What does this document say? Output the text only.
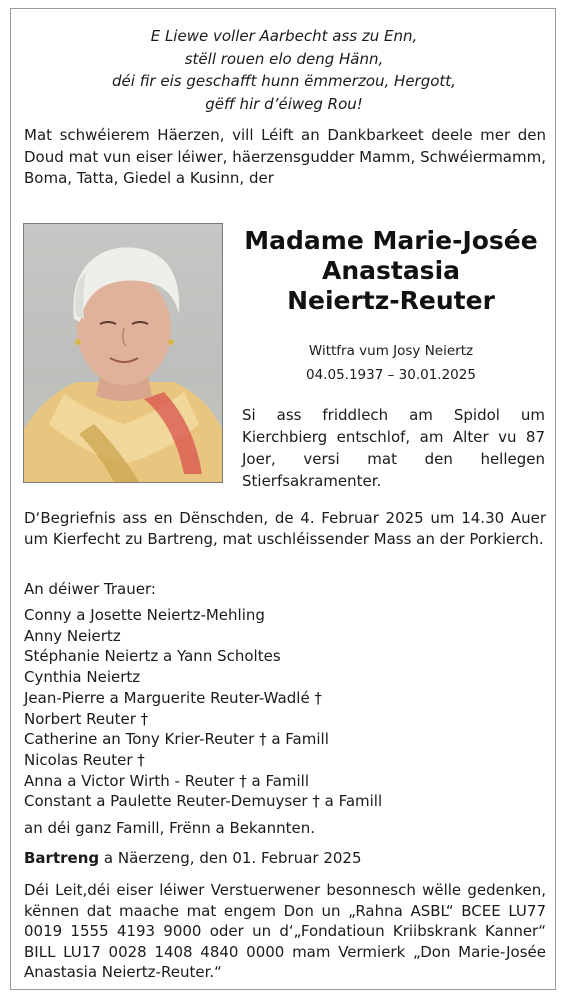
E Liewe voller Aarbecht ass zu Enn,
stëll rouen elo deng Hänn,
déi fir eis geschafft hunn ëmmerzou, Hergott,
gëff hir d’éiweg Rou!
Mat schwéierem Häerzen, vill Léift an Dankbarkeet deele mer den Doud mat vun eiser léiwer, häerzensgudder Mamm, Schwéiermamm, Boma, Tatta, Giedel a Kusinn, der
Madame Marie-Josée
Anastasia
Neiertz-Reuter
Wittfra vum Josy Neiertz
04.05.1937 – 30.01.2025
Si ass friddlech am Spidol um Kierchbierg entschlof, am Alter vu 87 Joer, versi mat den hellegen Stierfsakramenter.
D‘Begriefnis ass en Dënschden, de 4. Februar 2025 um 14.30 Auer um Kierfecht zu Bartreng, mat uschléissender Mass an der Porkierch.
An déiwer Trauer:
Conny a Josette Neiertz-Mehling
Anny Neiertz
Stéphanie Neiertz a Yann Scholtes
Cynthia Neiertz
Jean-Pierre a Marguerite Reuter-Wadlé †
Norbert Reuter †
Catherine an Tony Krier-Reuter † a Famill
Nicolas Reuter †
Anna a Victor Wirth - Reuter † a Famill
Constant a Paulette Reuter-Demuyser † a Famill
an déi ganz Famill, Frënn a Bekannten.
Bartreng a Näerzeng, den 01. Februar 2025
Déi Leit,déi eiser léiwer Verstuerwener besonnesch wëlle gedenken, kënnen dat maache mat engem Don un „Rahna ASBL“ BCEE LU77 0019 1555 4193 9000 oder un d‘„Fondatioun Kriibskrank Kanner“ BILL LU17 0028 1408 4840 0000 mam Vermierk „Don Marie-Josée Anastasia Neiertz-Reuter.“
